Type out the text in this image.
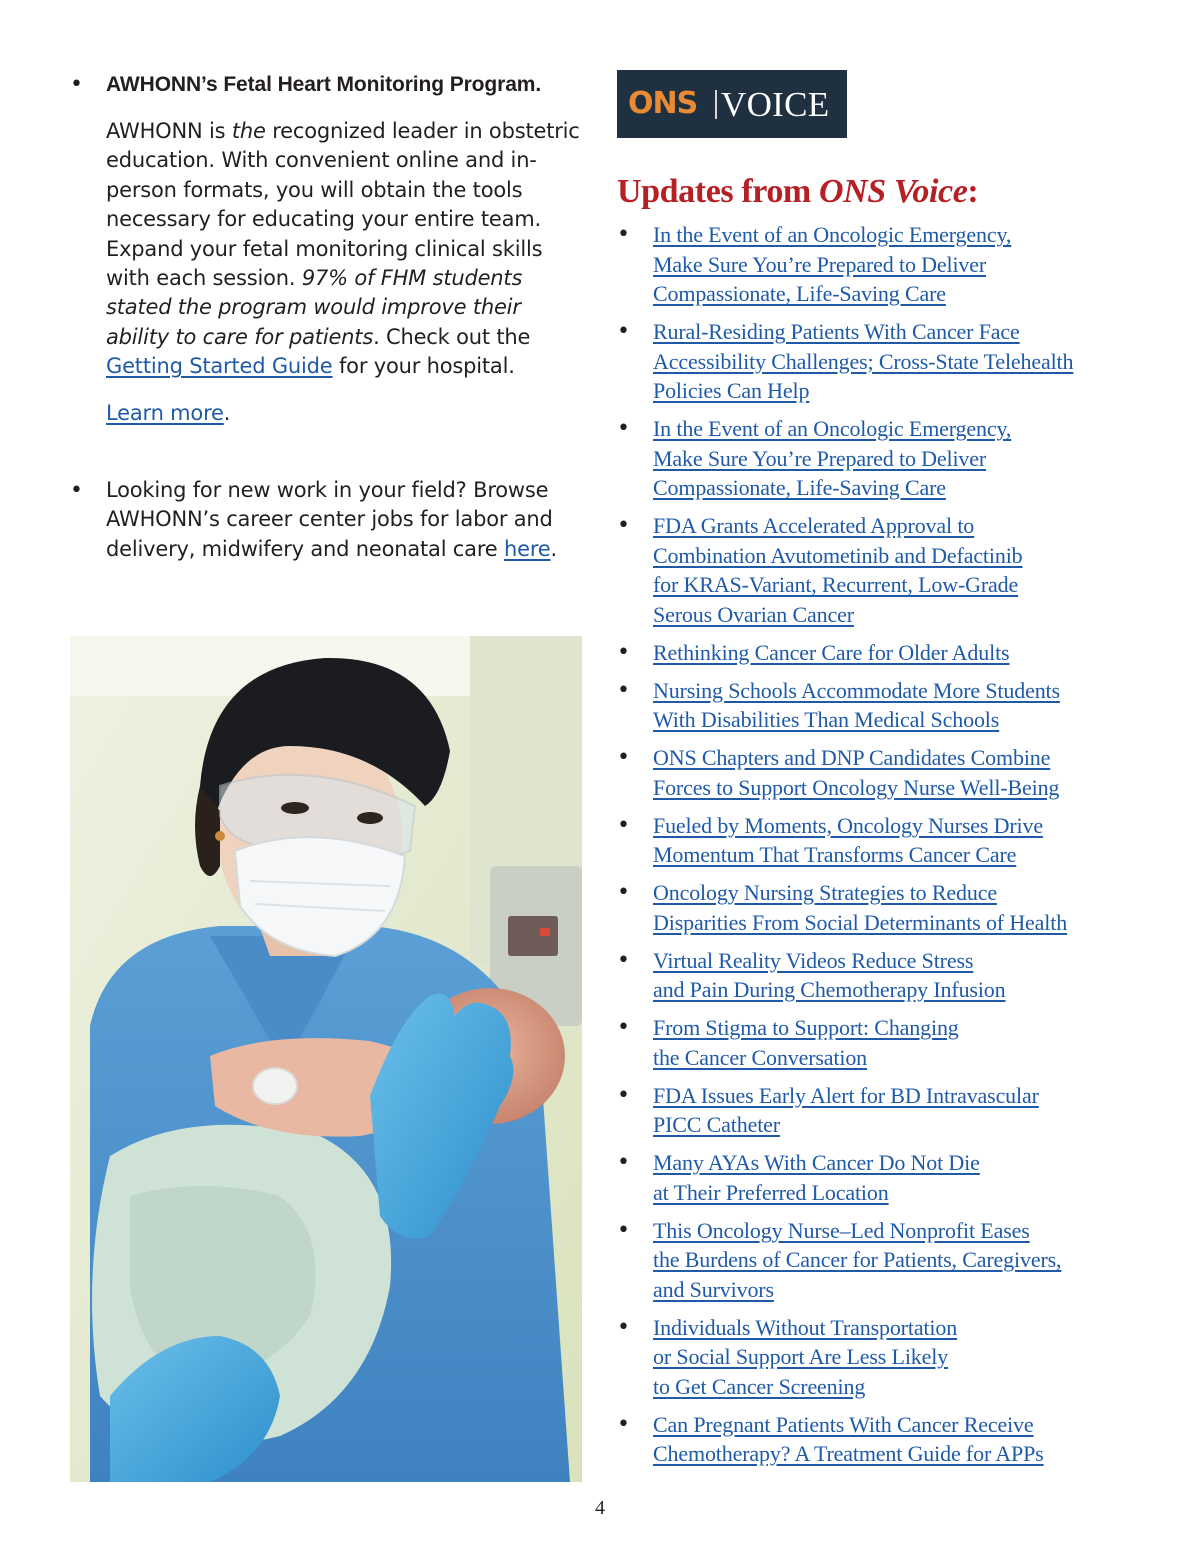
• AWHONN’s Fetal Heart Monitoring Program.

AWHONN is the recognized leader in obstetric education. With convenient online and in-person formats, you will obtain the tools necessary for educating your entire team. Expand your fetal monitoring clinical skills with each session. 97% of FHM students stated the program would improve their ability to care for patients. Check out the Getting Started Guide for your hospital.

Learn more.

• Looking for new work in your field? Browse AWHONN’s career center jobs for labor and delivery, midwifery and neonatal care here.

ONS VOICE
Updates from ONS Voice:
• In the Event of an Oncologic Emergency,
Make Sure You’re Prepared to Deliver
Compassionate, Life-Saving Care
• Rural-Residing Patients With Cancer Face
Accessibility Challenges; Cross-State Telehealth
Policies Can Help
• In the Event of an Oncologic Emergency,
Make Sure You’re Prepared to Deliver
Compassionate, Life-Saving Care
• FDA Grants Accelerated Approval to
Combination Avutometinib and Defactinib
for KRAS-Variant, Recurrent, Low-Grade
Serous Ovarian Cancer
• Rethinking Cancer Care for Older Adults
• Nursing Schools Accommodate More Students
With Disabilities Than Medical Schools
• ONS Chapters and DNP Candidates Combine
Forces to Support Oncology Nurse Well-Being
• Fueled by Moments, Oncology Nurses Drive
Momentum That Transforms Cancer Care
• Oncology Nursing Strategies to Reduce
Disparities From Social Determinants of Health
• Virtual Reality Videos Reduce Stress
and Pain During Chemotherapy Infusion
• From Stigma to Support: Changing
the Cancer Conversation
• FDA Issues Early Alert for BD Intravascular
PICC Catheter
• Many AYAs With Cancer Do Not Die
at Their Preferred Location
• This Oncology Nurse–Led Nonprofit Eases
the Burdens of Cancer for Patients, Caregivers,
and Survivors
• Individuals Without Transportation
or Social Support Are Less Likely
to Get Cancer Screening
• Can Pregnant Patients With Cancer Receive
Chemotherapy? A Treatment Guide for APPs
4
